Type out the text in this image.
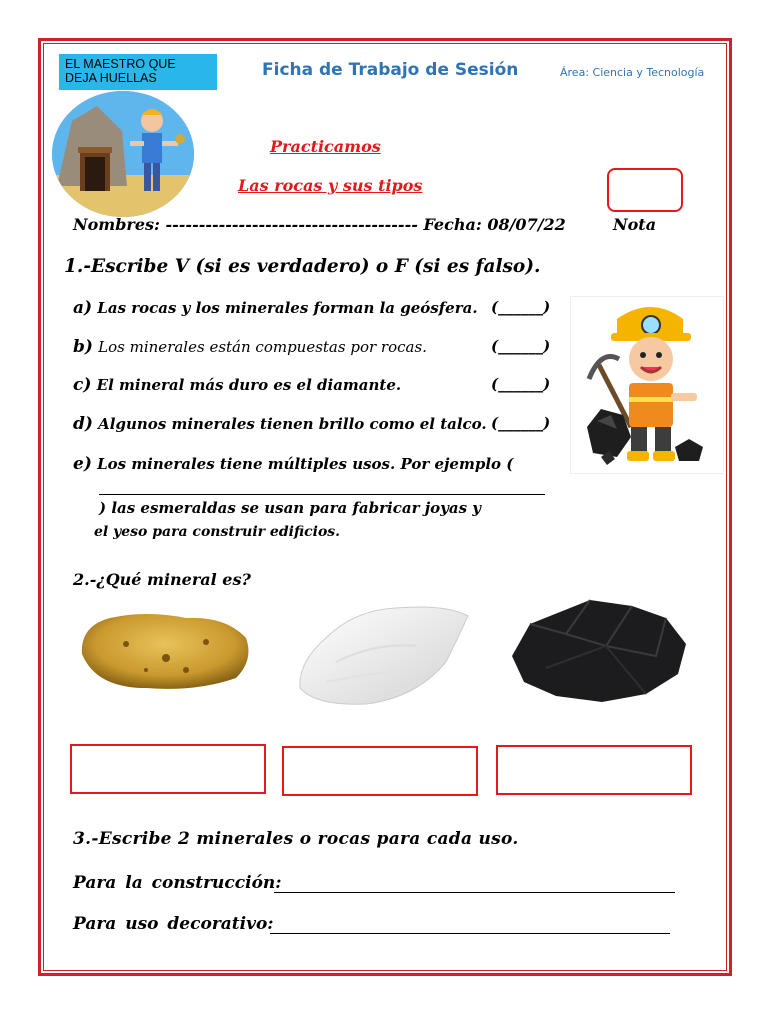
EL MAESTRO QUE DEJA HUELLAS	Ficha de Trabajo de Sesión	Área: Ciencia y Tecnología
Practicamos
Las rocas y sus tipos
Nombres: -------------------------------------- Fecha: 08/07/22	Nota
1.-Escribe V (si es verdadero) o F (si es falso).
a) Las rocas y los minerales forman la geósfera. (______)
b) Los minerales están compuestas por rocas.	(______)
c) El mineral más duro es el diamante.	(______)
d) Algunos minerales tienen brillo como el talco. (______)
e) Los minerales tiene múltiples usos. Por ejemplo (
) las esmeraldas se usan para fabricar joyas y
el yeso para construir edificios.
2.-¿Qué mineral es?
3.-Escribe 2 minerales o rocas para cada uso.
Para la construcción:
Para uso decorativo:
